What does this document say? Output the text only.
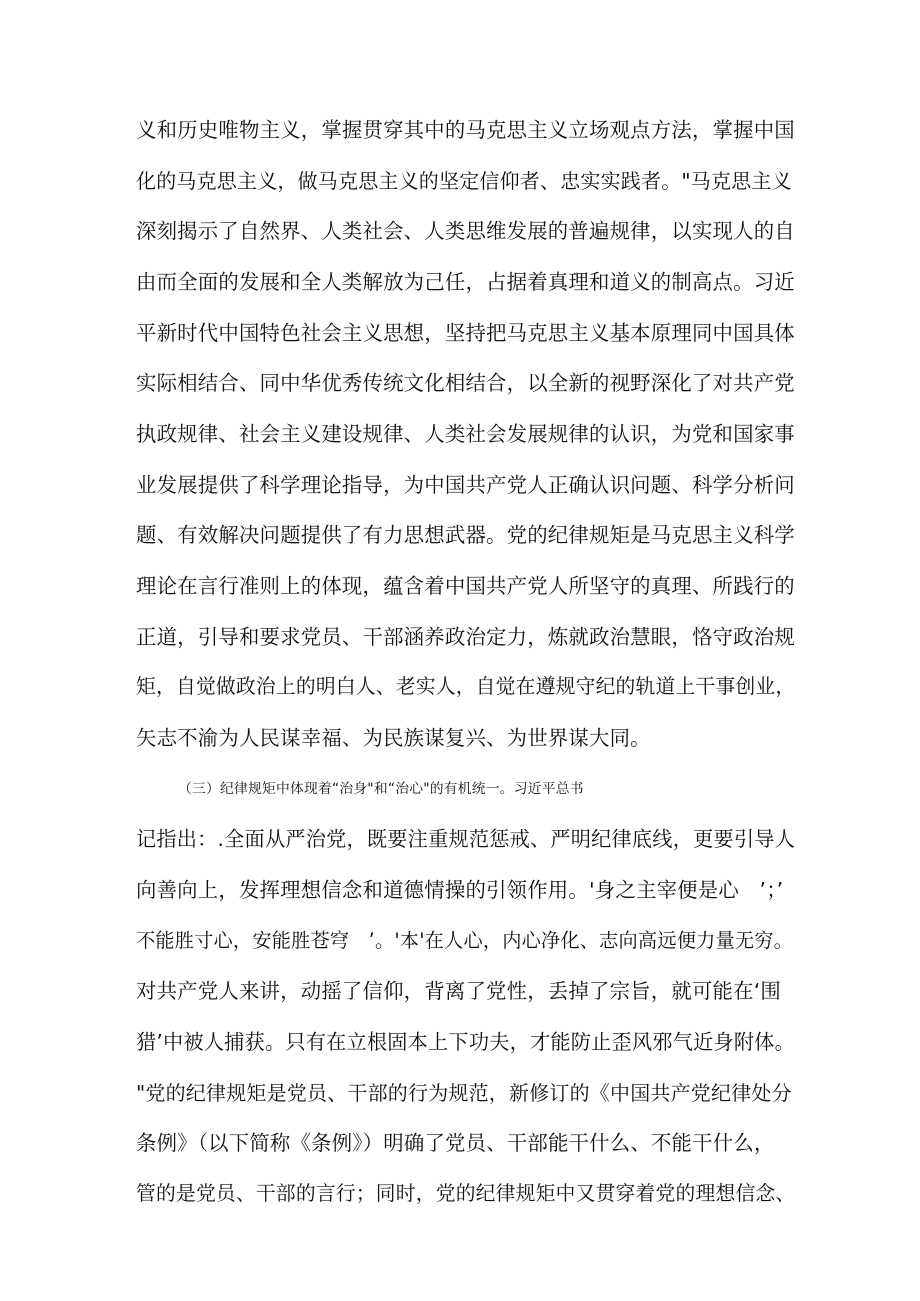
义和历史唯物主义，掌握贯穿其中的马克思主义立场观点方法，掌握中国
化的马克思主义，做马克思主义的坚定信仰者、忠实实践者。"马克思主义
深刻揭示了自然界、人类社会、人类思维发展的普遍规律，以实现人的自
由而全面的发展和全人类解放为己任，占据着真理和道义的制高点。习近
平新时代中国特色社会主义思想，坚持把马克思主义基本原理同中国具体
实际相结合、同中华优秀传统文化相结合，以全新的视野深化了对共产党
执政规律、社会主义建设规律、人类社会发展规律的认识，为党和国家事
业发展提供了科学理论指导，为中国共产党人正确认识问题、科学分析问
题、有效解决问题提供了有力思想武器。党的纪律规矩是马克思主义科学
理论在言行准则上的体现，蕴含着中国共产党人所坚守的真理、所践行的
正道，引导和要求党员、干部涵养政治定力，炼就政治慧眼，恪守政治规
矩，自觉做政治上的明白人、老实人，自觉在遵规守纪的轨道上干事创业，
矢志不渝为人民谋幸福、为民族谋复兴、为世界谋大同。
（三）纪律规矩中体现着“治身"和“治心"的有机统一。习近平总书
记指出：.全面从严治党，既要注重规范惩戒、严明纪律底线，更要引导人
向善向上，发挥理想信念和道德情操的引领作用。'身之主宰便是心　’；’
不能胜寸心，安能胜苍穹　’。'本'在人心，内心净化、志向高远便力量无穷。
对共产党人来讲，动摇了信仰，背离了党性，丢掉了宗旨，就可能在‘围
猎’中被人捕获。只有在立根固本上下功夫，才能防止歪风邪气近身附体。
"党的纪律规矩是党员、干部的行为规范，新修订的《中国共产党纪律处分
条例》（以下简称《条例》）明确了党员、干部能干什么、不能干什么，
管的是党员、干部的言行；同时，党的纪律规矩中又贯穿着党的理想信念、
